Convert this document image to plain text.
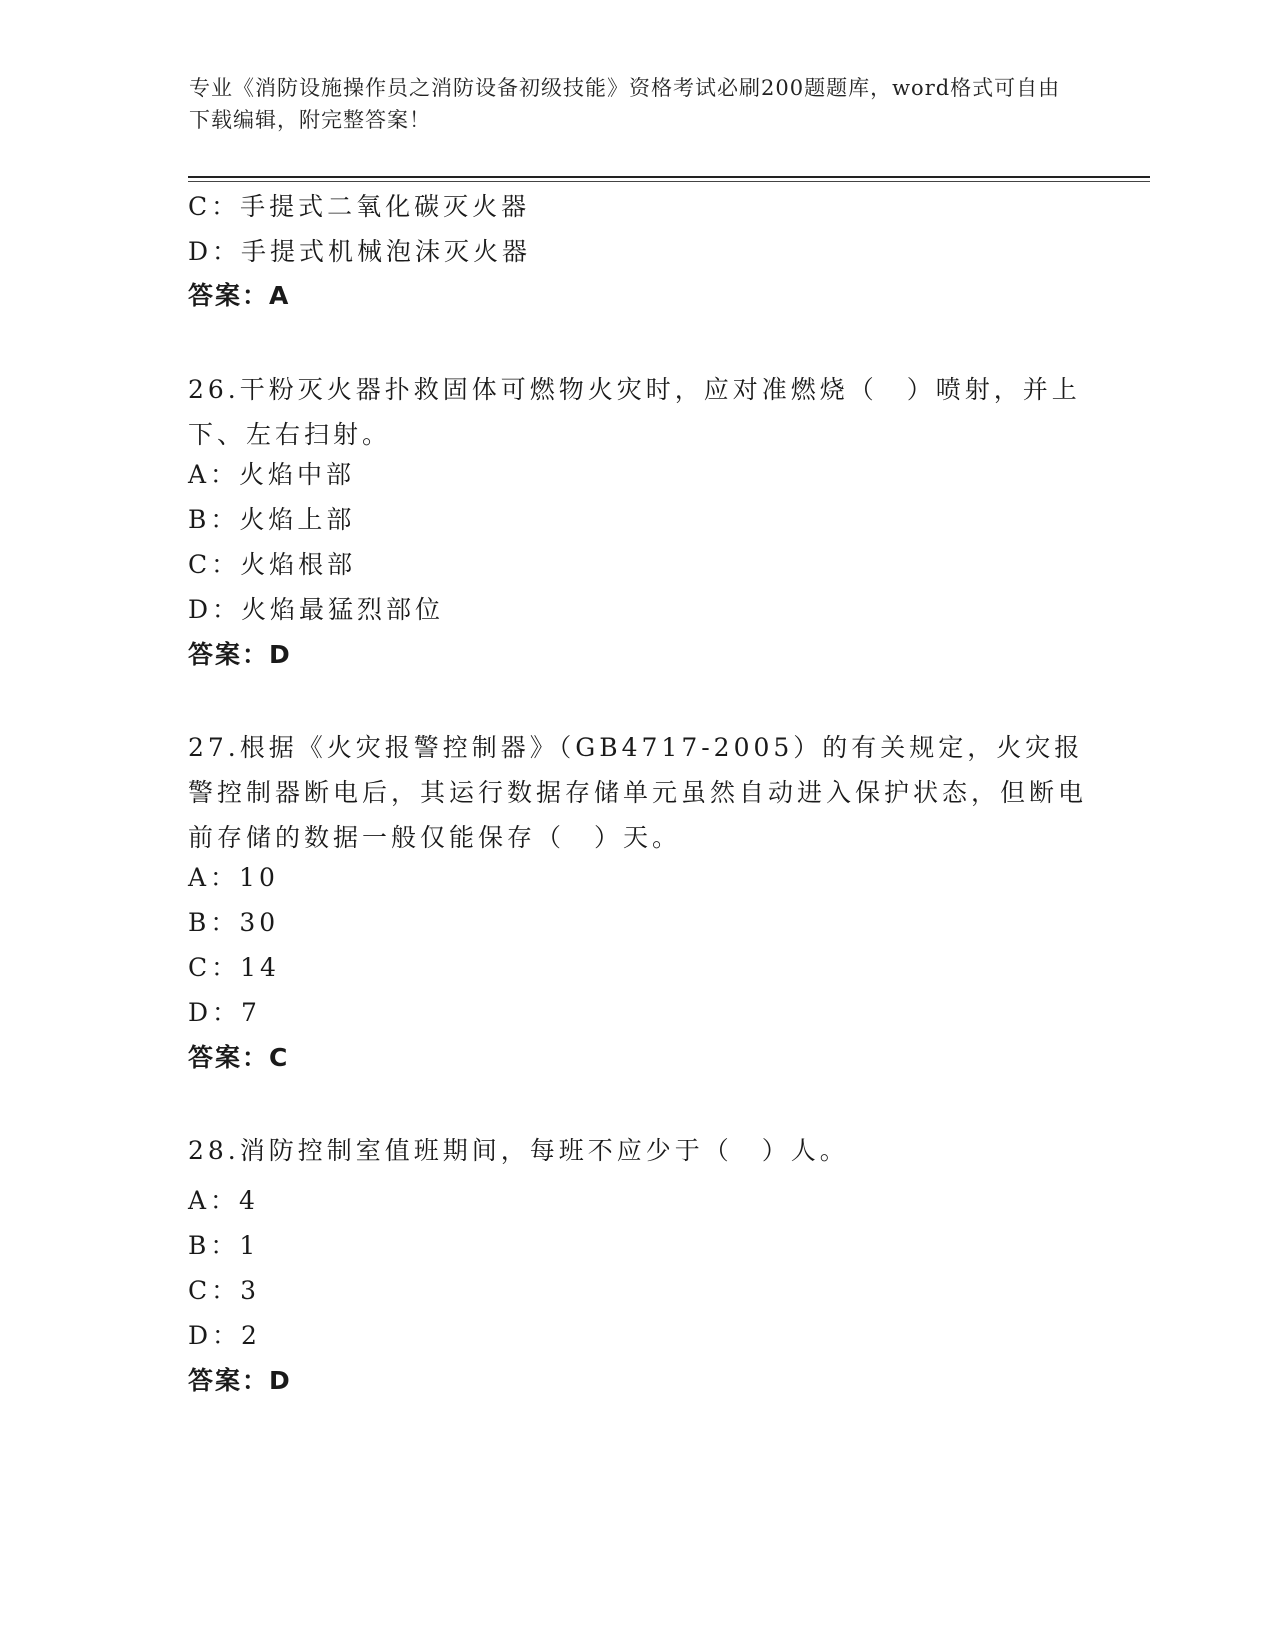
专业《消防设施操作员之消防设备初级技能》资格考试必刷200题题库，word格式可自由下载编辑，附完整答案！
C：手提式二氧化碳灭火器
D：手提式机械泡沫灭火器
答案：A
26.干粉灭火器扑救固体可燃物火灾时，应对准燃烧（　）喷射，并上下、左右扫射。
A：火焰中部
B：火焰上部
C：火焰根部
D：火焰最猛烈部位
答案：D
27.根据《火灾报警控制器》（GB4717-2005）的有关规定，火灾报警控制器断电后，其运行数据存储单元虽然自动进入保护状态，但断电前存储的数据一般仅能保存（　）天。
A：10
B：30
C：14
D：7
答案：C
28.消防控制室值班期间，每班不应少于（　）人。
A：4
B：1
C：3
D：2
答案：D
